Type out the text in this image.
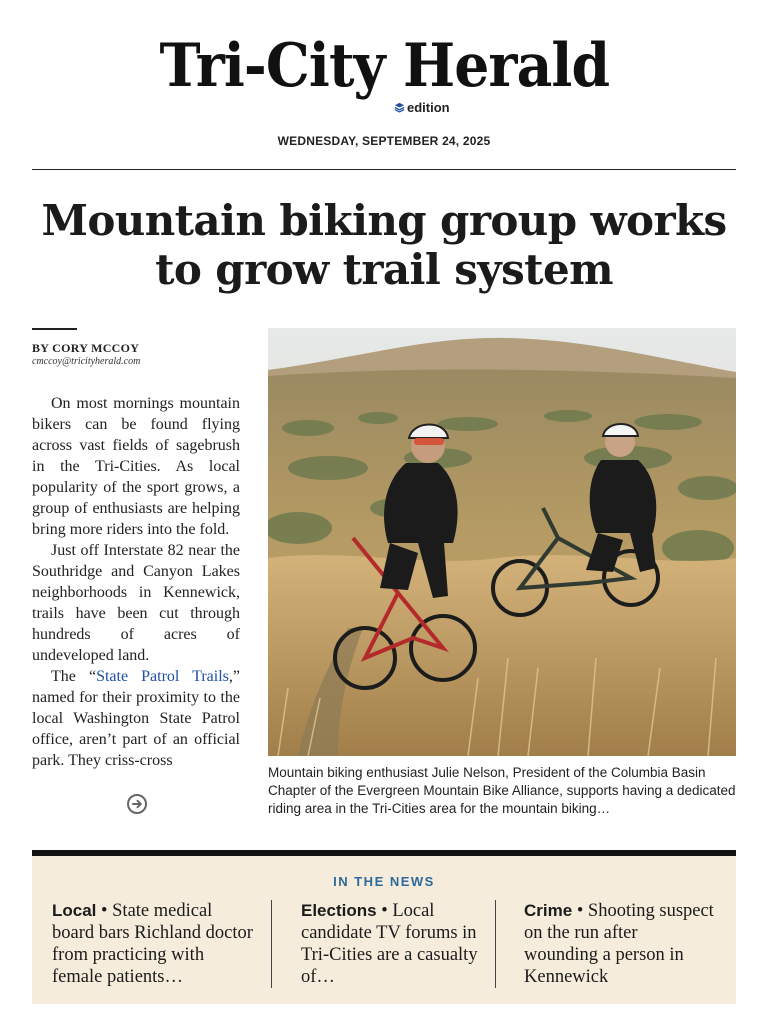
Tri-City Herald
edition
WEDNESDAY, SEPTEMBER 24, 2025
Mountain biking group works to grow trail system
BY CORY MCCOY
cmccoy@tricityherald.com

On most mornings mountain bikers can be found flying across vast fields of sagebrush in the Tri-Cities. As local popularity of the sport grows, a group of enthusiasts are helping bring more riders into the fold.

Just off Interstate 82 near the Southridge and Canyon Lakes neighborhoods in Kennewick, trails have been cut through hundreds of acres of undeveloped land.

The “State Patrol Trails,” named for their proximity to the local Washington State Patrol office, aren’t part of an official park. They criss-cross

Mountain biking enthusiast Julie Nelson, President of the Columbia Basin Chapter of the Evergreen Mountain Bike Alliance, supports having a dedicated riding area in the Tri-Cities area for the mountain biking…
IN THE NEWS
Local • State medical board bars Richland doctor from practicing with female patients…
Elections • Local candidate TV forums in Tri-Cities are a casualty of…
Crime • Shooting suspect on the run after wounding a person in Kennewick
